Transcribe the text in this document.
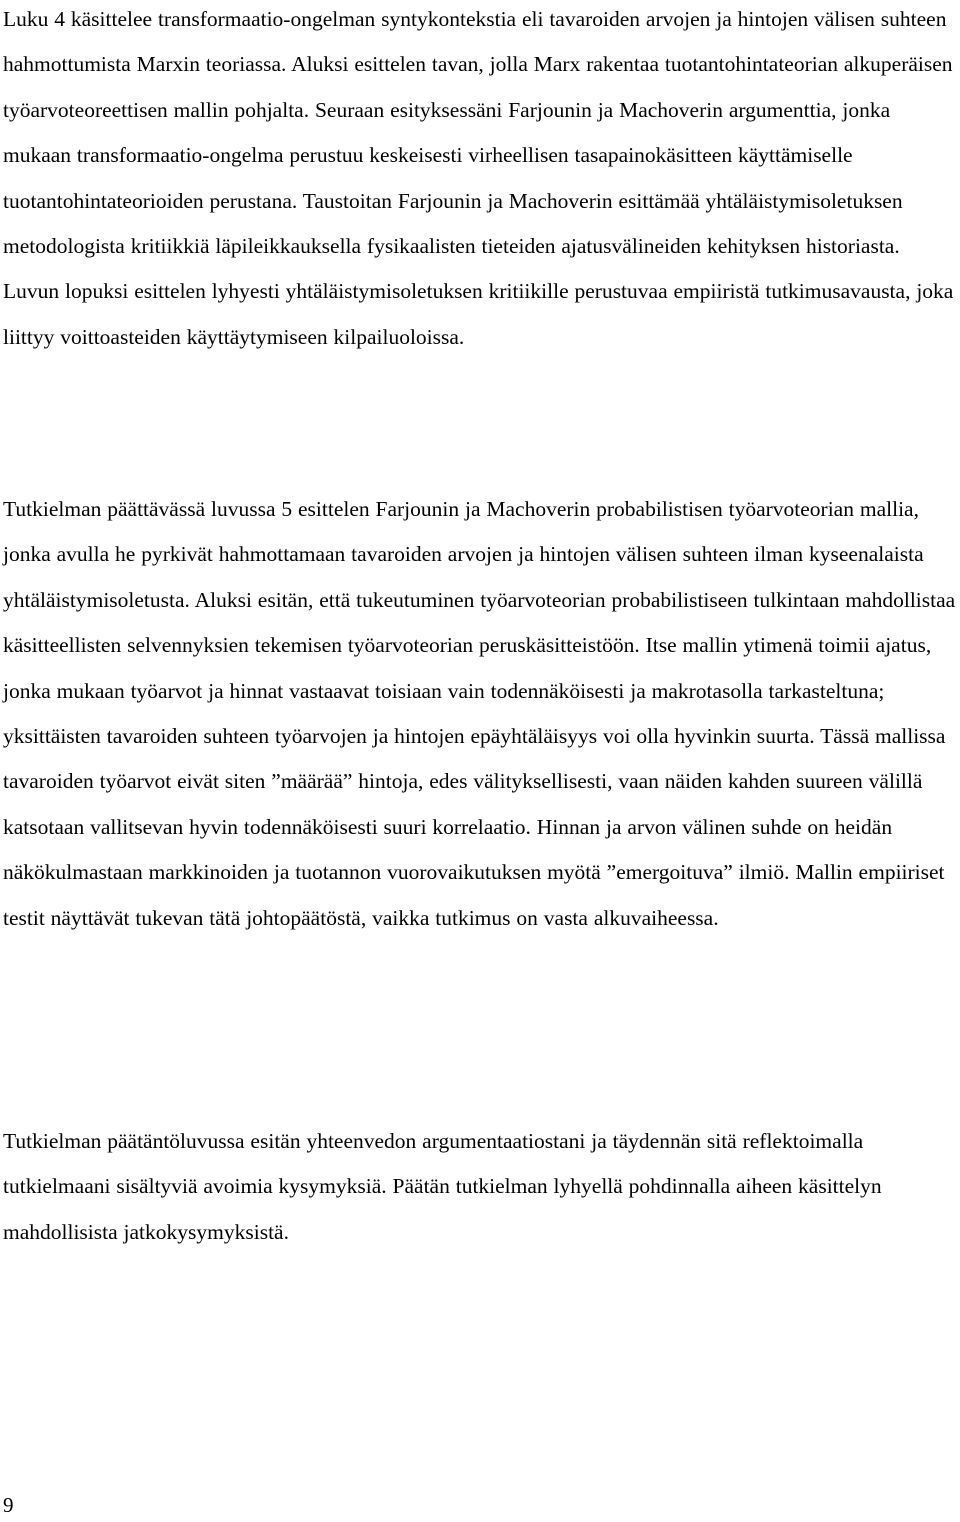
Luku 4 käsittelee transformaatio-ongelman syntykontekstia eli tavaroiden arvojen ja hintojen välisen suhteen hahmottumista Marxin teoriassa. Aluksi esittelen tavan, jolla Marx rakentaa tuotantohintateorian alkuperäisen työarvoteoreettisen mallin pohjalta. Seuraan esityksessäni Farjounin ja Machoverin argumenttia, jonka mukaan transformaatio-ongelma perustuu keskeisesti virheellisen tasapainokäsitteen käyttämiselle tuotantohintateorioiden perustana. Taustoitan Farjounin ja Machoverin esittämää yhtäläistymisoletuksen metodologista kritiikkiä läpileikkauksella fysikaalisten tieteiden ajatusvälineiden kehityksen historiasta. Luvun lopuksi esittelen lyhyesti yhtäläistymisoletuksen kritiikille perustuvaa empiiristä tutkimusavausta, joka liittyy voittoasteiden käyttäytymiseen kilpailuoloissa.

Tutkielman päättävässä luvussa 5 esittelen Farjounin ja Machoverin probabilistisen työarvoteorian mallia, jonka avulla he pyrkivät hahmottamaan tavaroiden arvojen ja hintojen välisen suhteen ilman kyseenalaista yhtäläistymisoletusta. Aluksi esitän, että tukeutuminen työarvoteorian probabilistiseen tulkintaan mahdollistaa käsitteellisten selvennyksien tekemisen työarvoteorian peruskäsitteistöön. Itse mallin ytimenä toimii ajatus, jonka mukaan työarvot ja hinnat vastaavat toisiaan vain todennäköisesti ja makrotasolla tarkasteltuna; yksittäisten tavaroiden suhteen työarvojen ja hintojen epäyhtäläisyys voi olla hyvinkin suurta. Tässä mallissa tavaroiden työarvot eivät siten ”määrää” hintoja, edes välityksellisesti, vaan näiden kahden suureen välillä katsotaan vallitsevan hyvin todennäköisesti suuri korrelaatio. Hinnan ja arvon välinen suhde on heidän näkökulmastaan markkinoiden ja tuotannon vuorovaikutuksen myötä ”emergoituva” ilmiö. Mallin empiiriset testit näyttävät tukevan tätä johtopäätöstä, vaikka tutkimus on vasta alkuvaiheessa.

Tutkielman päätäntöluvussa esitän yhteenvedon argumentaatiostani ja täydennän sitä reflektoimalla tutkielmaani sisältyviä avoimia kysymyksiä. Päätän tutkielman lyhyellä pohdinnalla aiheen käsittelyn mahdollisista jatkokysymyksistä.

9
